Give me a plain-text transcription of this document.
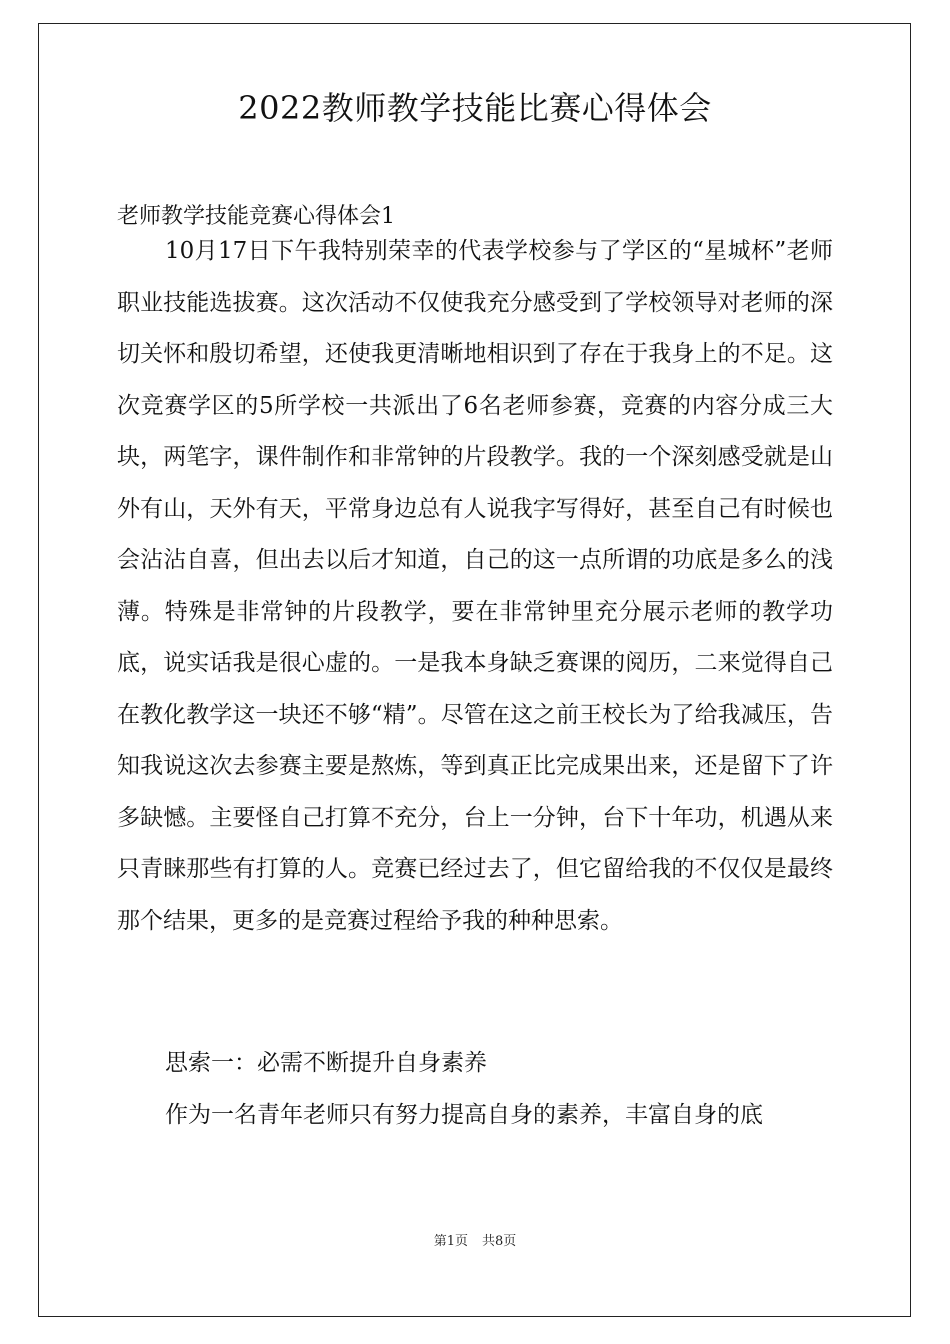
2022教师教学技能比赛心得体会
老师教学技能竞赛心得体会1

10月17日下午我特别荣幸的代表学校参与了学区的“星城杯”老师职业技能选拔赛。这次活动不仅使我充分感受到了学校领导对老师的深切关怀和殷切希望，还使我更清晰地相识到了存在于我身上的不足。这次竞赛学区的5所学校一共派出了6名老师参赛，竞赛的内容分成三大块，两笔字，课件制作和非常钟的片段教学。我的一个深刻感受就是山外有山，天外有天，平常身边总有人说我字写得好，甚至自己有时候也会沾沾自喜，但出去以后才知道，自己的这一点所谓的功底是多么的浅薄。特殊是非常钟的片段教学，要在非常钟里充分展示老师的教学功底，说实话我是很心虚的。一是我本身缺乏赛课的阅历，二来觉得自己在教化教学这一块还不够“精”。尽管在这之前王校长为了给我减压，告知我说这次去参赛主要是熬炼，等到真正比完成果出来，还是留下了许多缺憾。主要怪自己打算不充分，台上一分钟，台下十年功，机遇从来只青睐那些有打算的人。竞赛已经过去了，但它留给我的不仅仅是最终那个结果，更多的是竞赛过程给予我的种种思索。

思索一：必需不断提升自身素养

作为一名青年老师只有努力提高自身的素养，丰富自身的底

第1页 共8页
